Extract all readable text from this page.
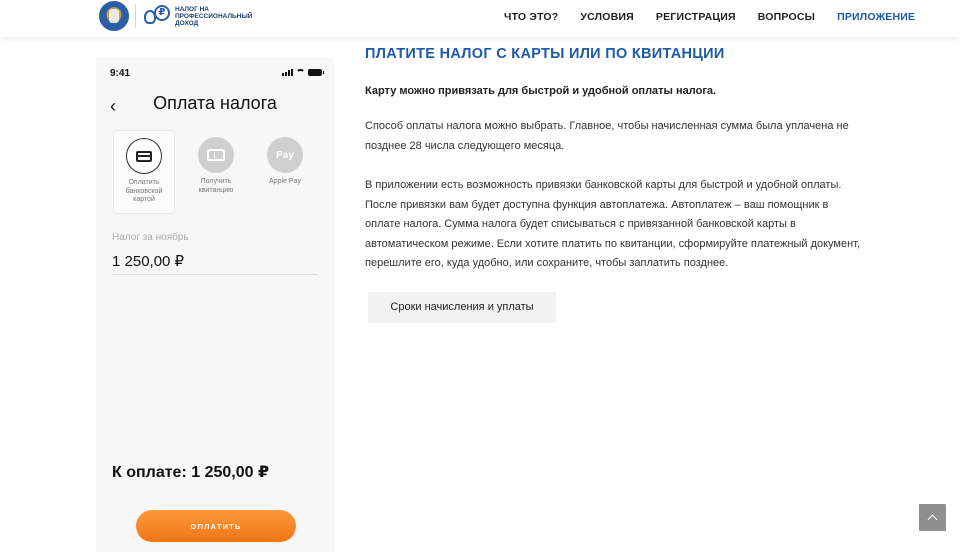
₽	НАЛОГ НА ПРОФЕССИОНАЛЬНЫЙ ДОХОД	ЧТО ЭТО? УСЛОВИЯ РЕГИСТРАЦИЯ ВОПРОСЫ ПРИЛОЖЕНИЕ
9:41
‹	Оплата налога
Оплатить банковской картой
Получить квитанцию
Pay
Apple Pay
Налог за ноябрь
1 250,00 ₽
К оплате: 1 250,00 ₽
ОПЛАТИТЬ
ПЛАТИТЕ НАЛОГ С КАРТЫ ИЛИ ПО КВИТАНЦИИ

Карту можно привязать для быстрой и удобной оплаты налога.

Способ оплаты налога можно выбрать. Главное, чтобы начисленная сумма была уплачена не позднее 28 числа следующего месяца.

В приложении есть возможность привязки банковской карты для быстрой и удобной оплаты. После привязки вам будет доступна функция автоплатежа. Автоплатеж – ваш помощник в оплате налога. Сумма налога будет списываться с привязанной банковской карты в автоматическом режиме. Если хотите платить по квитанции, сформируйте платежный документ, перешлите его, куда удобно, или сохраните, чтобы заплатить позднее.

Сроки начисления и уплаты
